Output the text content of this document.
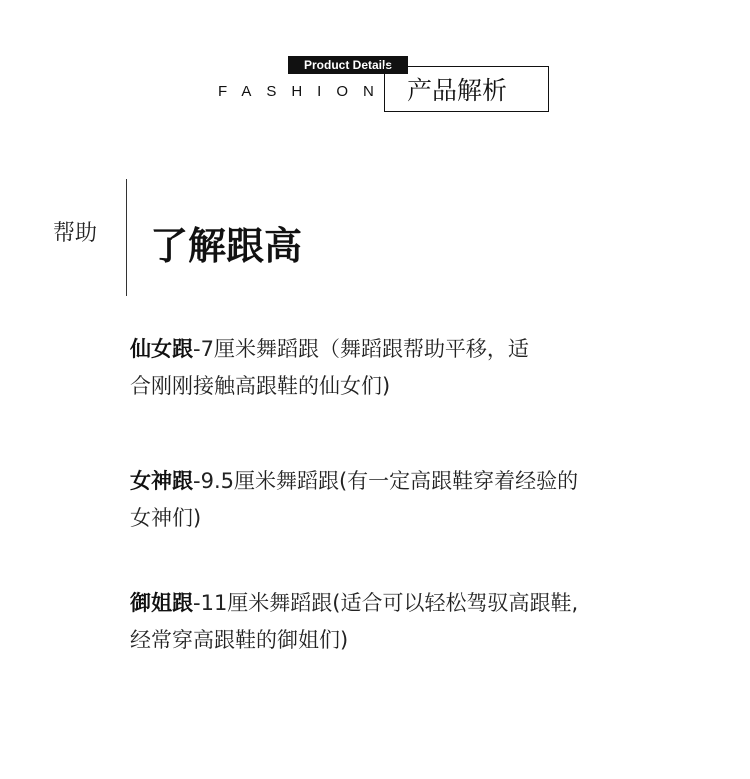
Product Details
FASHION 产品解析
帮助 了解跟高
仙女跟-7厘米舞蹈跟（舞蹈跟帮助平移，适
合刚刚接触高跟鞋的仙女们)
女神跟-9.5厘米舞蹈跟(有一定高跟鞋穿着经验的
女神们)
御姐跟-11厘米舞蹈跟(适合可以轻松驾驭高跟鞋,
经常穿高跟鞋的御姐们)
